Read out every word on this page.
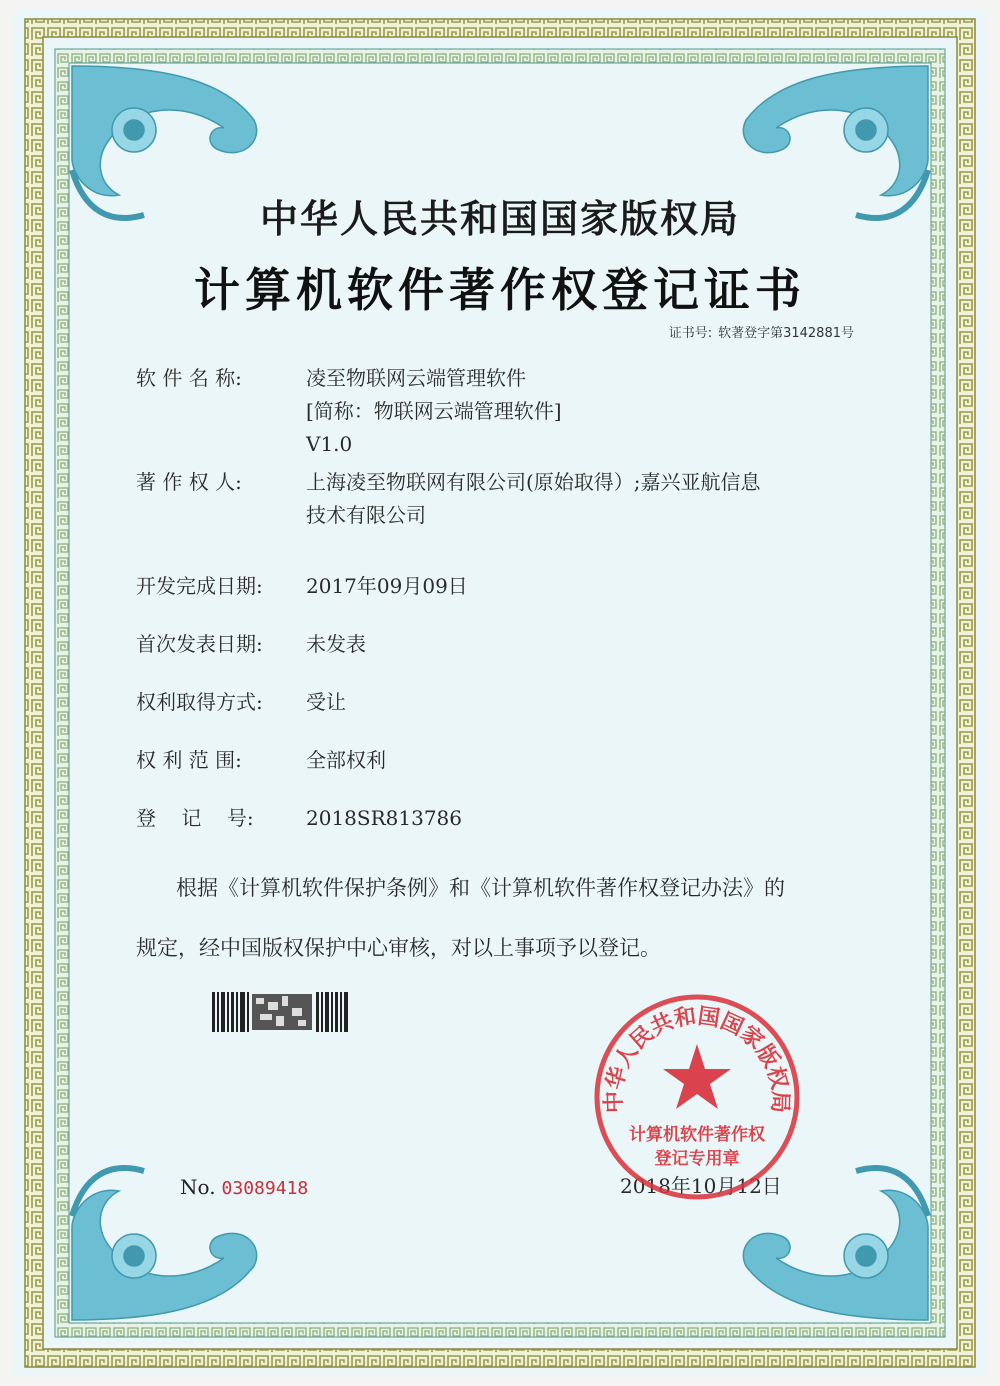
中华人民共和国国家版权局
计算机软件著作权登记证书
证书号: 软著登字第3142881号
软 件 名 称:	凌至物联网云端管理软件
[简称：物联网云端管理软件]
V1.0
著 作 权 人:	上海凌至物联网有限公司(原始取得）;嘉兴亚航信息
技术有限公司
开发完成日期: 2017年09月09日
首次发表日期: 未发表
权利取得方式: 受让
权 利 范 围:	全部权利
登    记    号:	2018SR813786
根据《计算机软件保护条例》和《计算机软件著作权登记办法》的
规定，经中国版权保护中心审核，对以上事项予以登记。
No. 03089418	2018年10月12日
中华人民共和国国家版权局
计算机软件著作权
登记专用章
